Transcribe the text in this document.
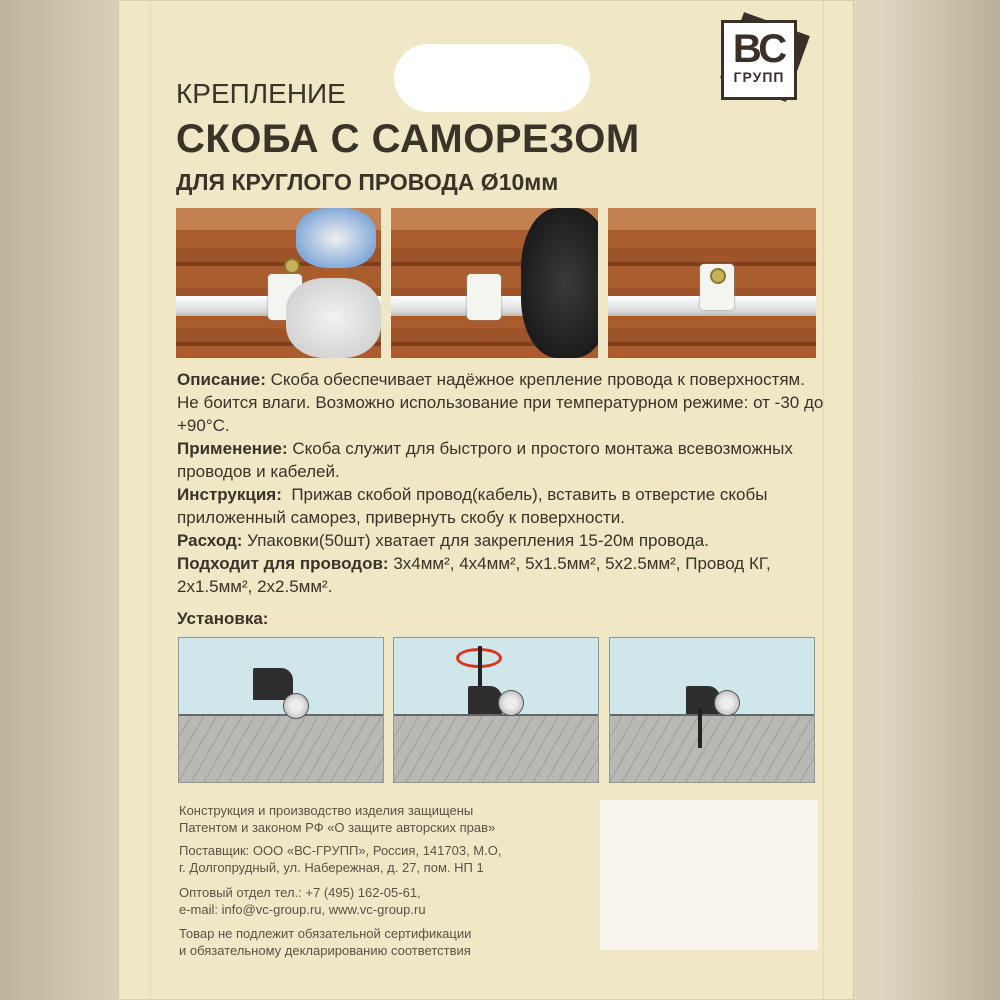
ВС
ГРУПП
КРЕПЛЕНИЕ
СКОБА С САМОРЕЗОМ
ДЛЯ КРУГЛОГО ПРОВОДА Ø10мм

Описание: Скоба обеспечивает надёжное крепление провода к поверхностям. Не боится влаги. Возможно использование при температурном режиме: от -30 до +90°С.

Применение: Скоба служит для быстрого и простого монтажа всевозможных проводов и кабелей.

Инструкция:  Прижав скобой провод(кабель), вставить в отверстие скобы приложенный саморез, привернуть скобу к поверхности.

Расход: Упаковки(50шт) хватает для закрепления 15-20м провода.

Подходит для проводов: 3х4мм², 4х4мм², 5х1.5мм², 5х2.5мм², Провод КГ, 2х1.5мм², 2х2.5мм².

Установка:

Конструкция и производство изделия защищены

Патентом и законом РФ «О защите авторских прав»

Поставщик: ООО «ВС-ГРУПП», Россия, 141703, М.О,

г. Долгопрудный, ул. Набережная, д. 27, пом. НП 1

Оптовый отдел тел.: +7 (495) 162-05-61,

e-mail: info@vc-group.ru, www.vc-group.ru

Товар не подлежит обязательной сертификации

и обязательному декларированию соответствия
